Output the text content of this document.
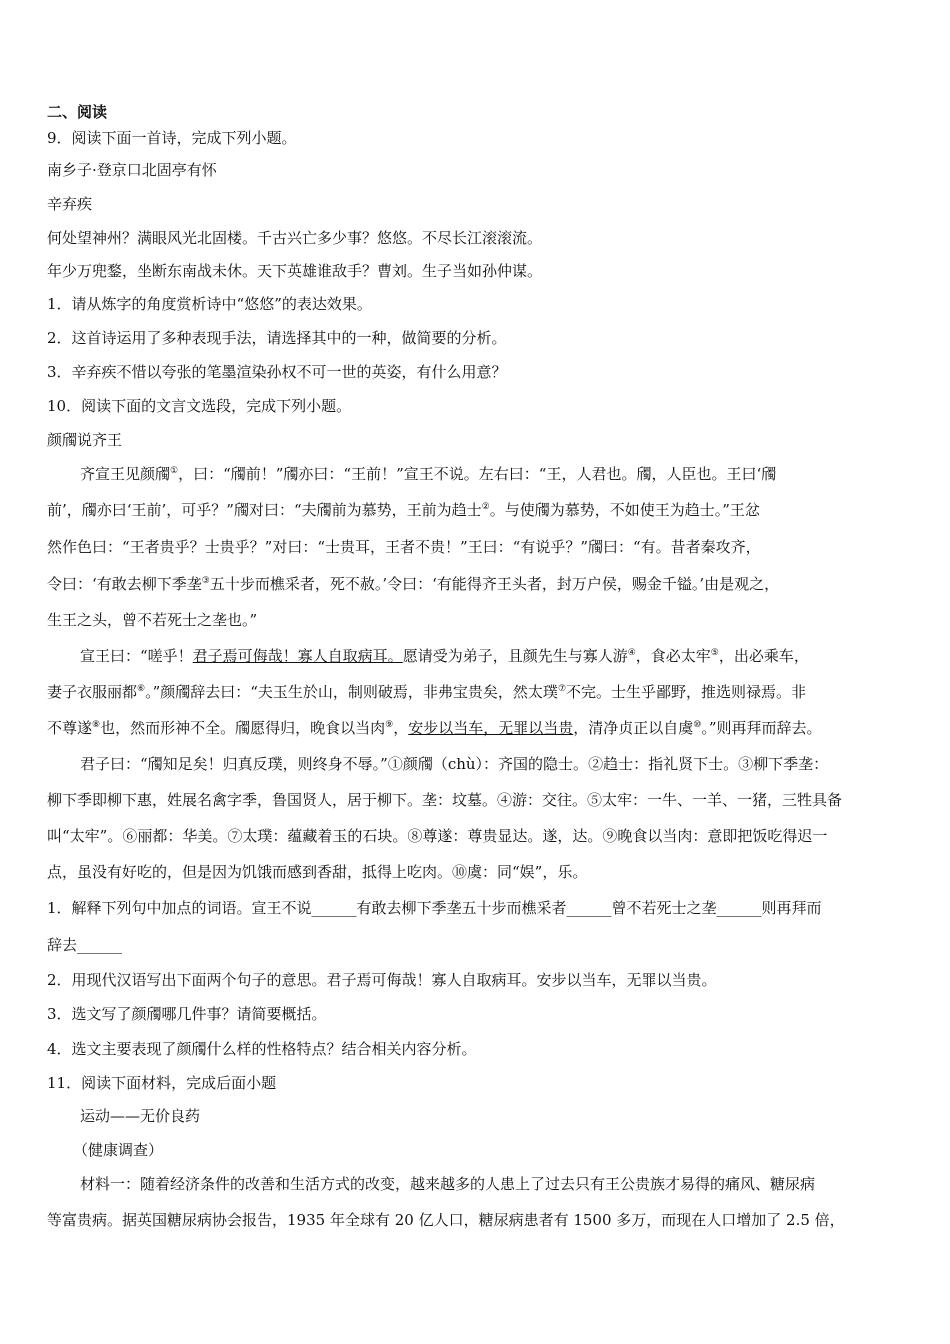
二、阅读
9．阅读下面一首诗，完成下列小题。
南乡子·登京口北固亭有怀
辛弃疾
何处望神州？满眼风光北固楼。千古兴亡多少事？悠悠。不尽长江滚滚流。
年少万兜鍪，坐断东南战未休。天下英雄谁敌手？曹刘。生子当如孙仲谋。
1．请从炼字的角度赏析诗中“悠悠”的表达效果。
2．这首诗运用了多种表现手法，请选择其中的一种，做简要的分析。
3．辛弃疾不惜以夸张的笔墨渲染孙权不可一世的英姿，有什么用意？
10．阅读下面的文言文选段，完成下列小题。
颜斶说齐王
齐宣王见颜斶①，曰：“斶前！”斶亦曰：“王前！”宣王不说。左右曰：“王，人君也。斶，人臣也。王曰‘斶
前’，斶亦曰‘王前’，可乎？”斶对曰：“夫斶前为慕势，王前为趋士②。与使斶为慕势，不如使王为趋士。”王忿
然作色曰：“王者贵乎？士贵乎？”对曰：“士贵耳，王者不贵！”王曰：“有说乎？”斶曰：“有。昔者秦攻齐，
令曰：‘有敢去柳下季垄③五十步而樵采者，死不赦。’令曰：‘有能得齐王头者，封万户侯，赐金千镒。’由是观之，
生王之头，曾不若死士之垄也。”
宣王曰：“嗟乎！君子焉可侮哉！寡人自取病耳。愿请受为弟子，且颜先生与寡人游④，食必太牢⑤，出必乘车，
妻子衣服丽都⑥。”颜斶辞去曰：“夫玉生於山，制则破焉，非弗宝贵矣，然太璞⑦不完。士生乎鄙野，推选则禄焉。非
不尊遂⑧也，然而形神不全。斶愿得归，晚食以当肉⑨，安步以当车，无罪以当贵，清净贞正以自虞⑩。”则再拜而辞去。
君子曰：“斶知足矣！归真反璞，则终身不辱。”①颜斶（chù）：齐国的隐士。②趋士：指礼贤下士。③柳下季垄：
柳下季即柳下惠，姓展名禽字季，鲁国贤人，居于柳下。垄：坟墓。④游：交往。⑤太牢：一牛、一羊、一猪，三牲具备
叫“太牢”。⑥丽都：华美。⑦太璞：蕴藏着玉的石块。⑧尊遂：尊贵显达。遂，达。⑨晚食以当肉：意即把饭吃得迟一
点，虽没有好吃的，但是因为饥饿而感到香甜，抵得上吃肉。⑩虞：同“娱”，乐。
1．解释下列句中加点的词语。宣王不说______有敢去柳下季垄五十步而樵采者______曾不若死士之垄______则再拜而
辞去______
2．用现代汉语写出下面两个句子的意思。君子焉可侮哉！寡人自取病耳。安步以当车，无罪以当贵。
3．选文写了颜斶哪几件事？请简要概括。
4．选文主要表现了颜斶什么样的性格特点？结合相关内容分析。
11．阅读下面材料，完成后面小题
运动——无价良药
（健康调查）
材料一：随着经济条件的改善和生活方式的改变，越来越多的人患上了过去只有王公贵族才易得的痛风、糖尿病
等富贵病。据英国糖尿病协会报告，1935 年全球有 20 亿人口，糖尿病患者有 1500 多万，而现在人口增加了 2.5 倍，
